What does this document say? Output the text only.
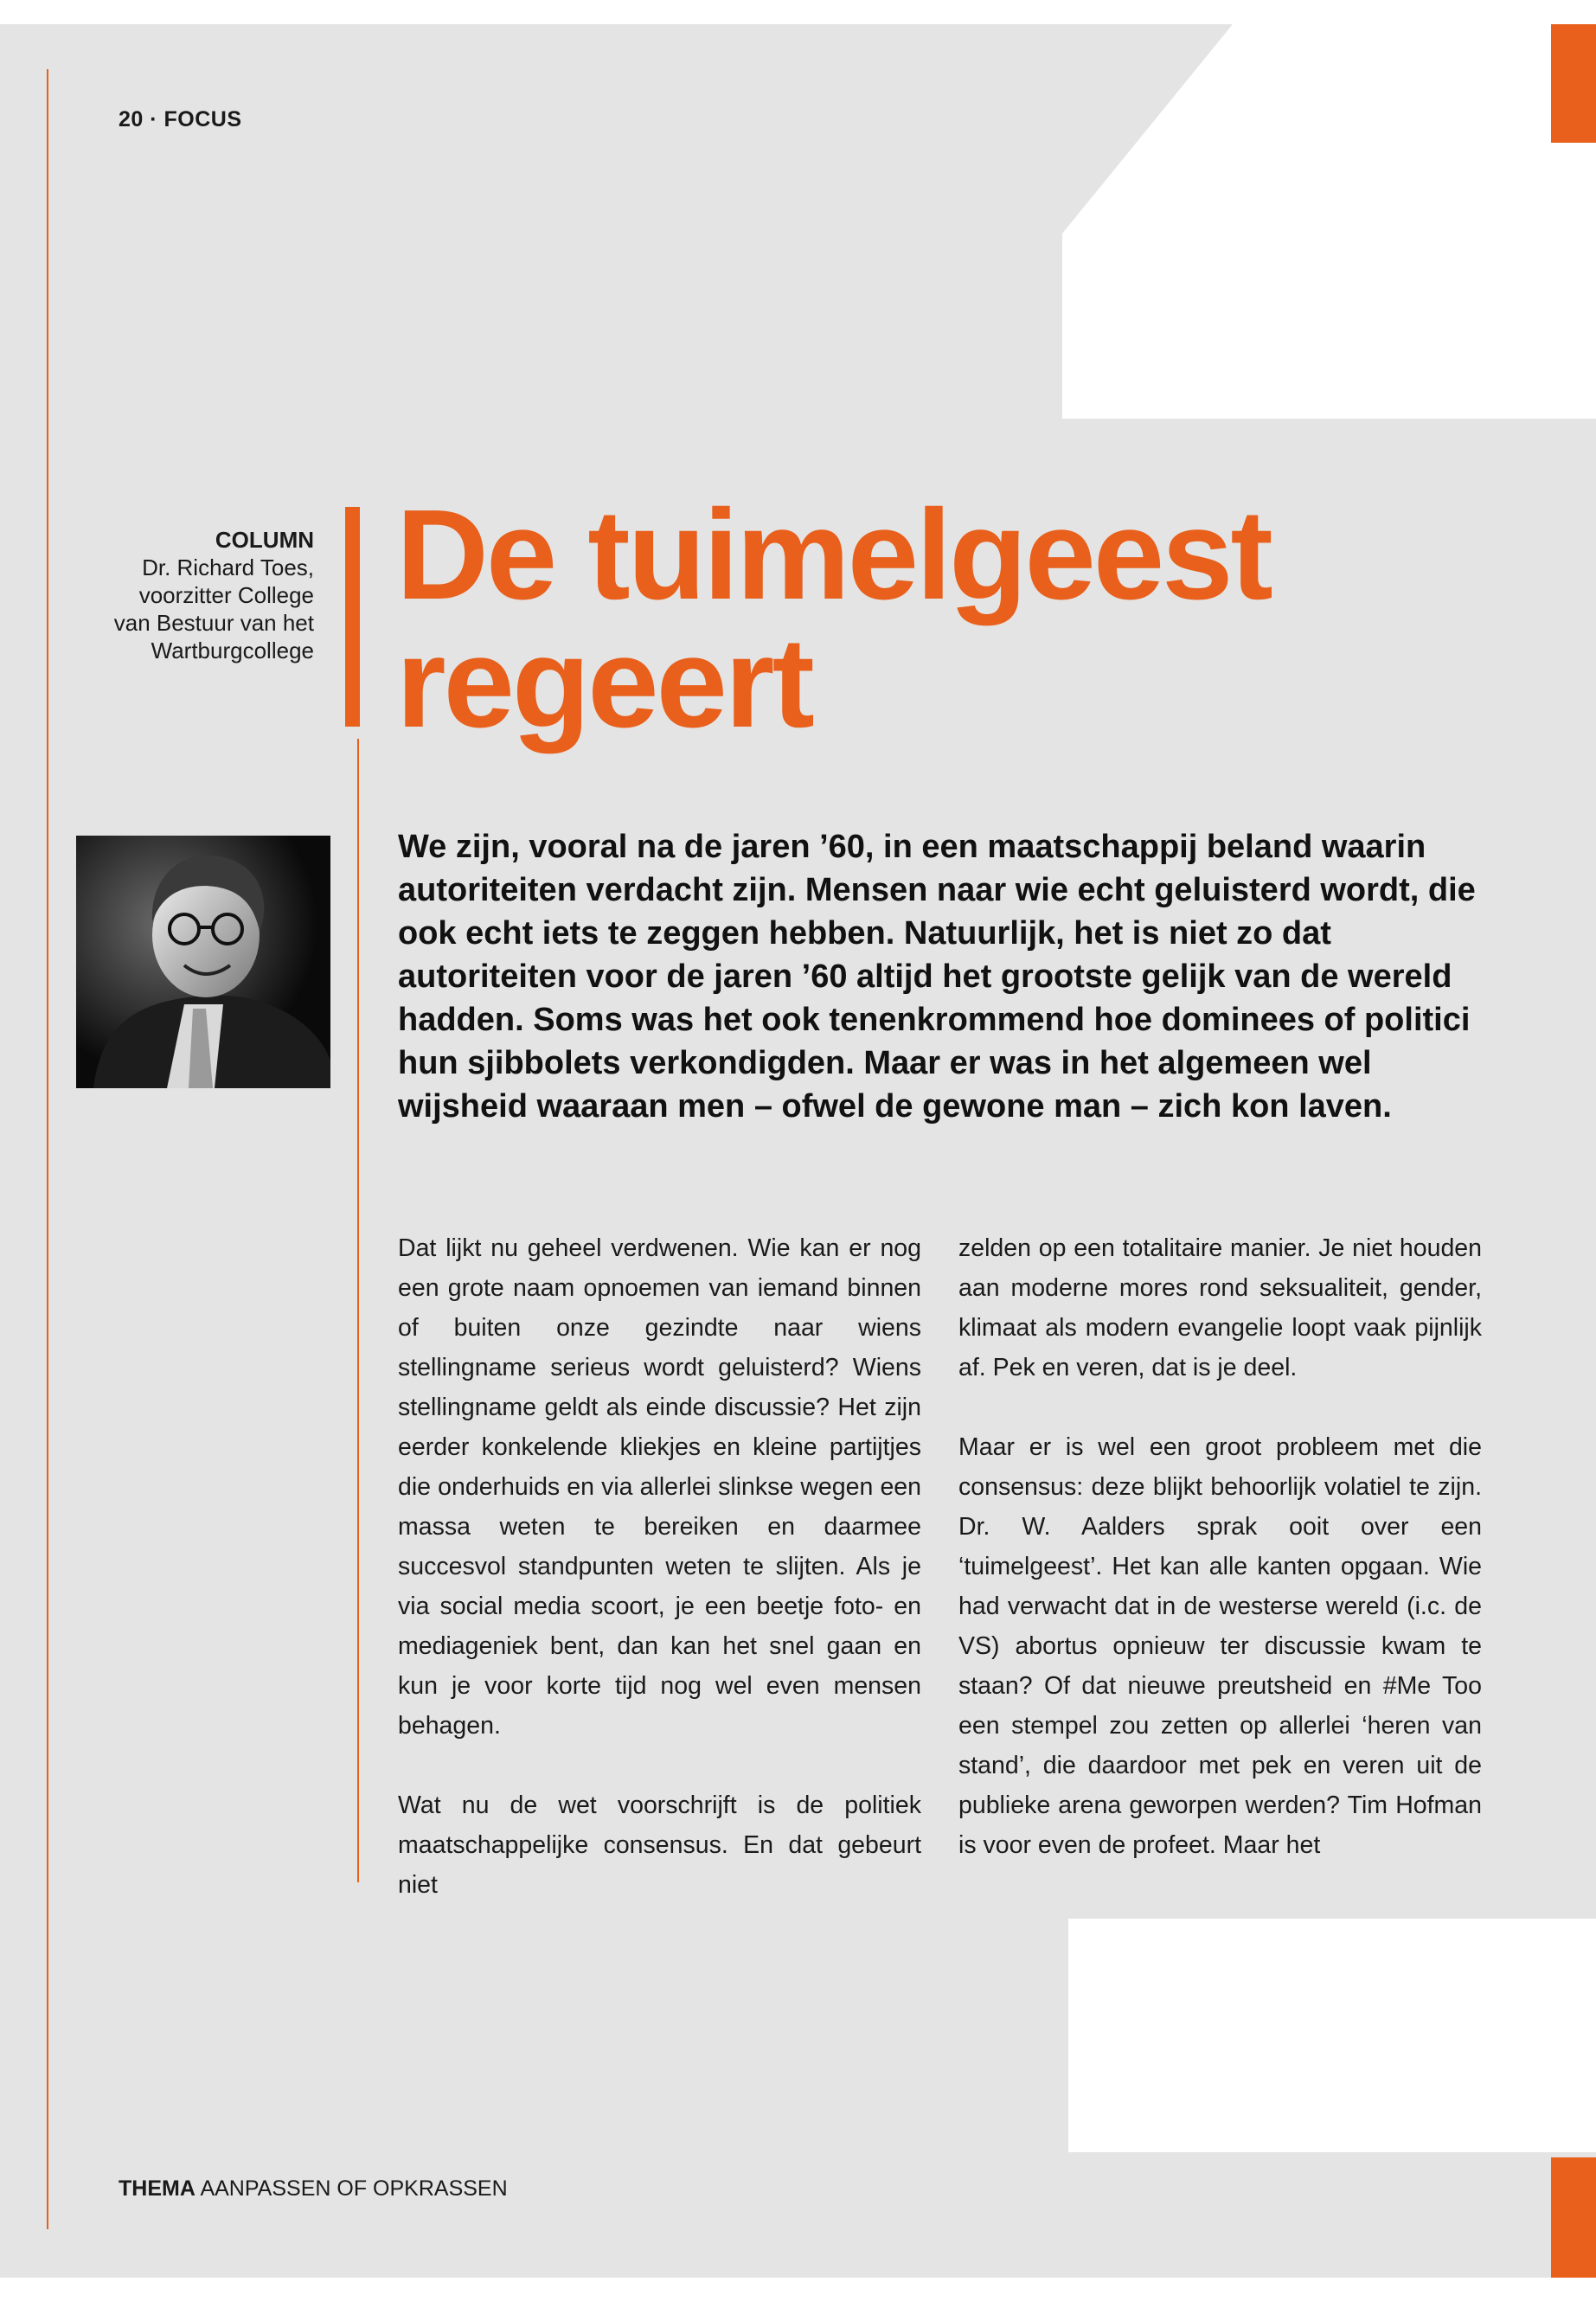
20 · FOCUS
COLUMN
Dr. Richard Toes,
voorzitter College
van Bestuur van het
Wartburgcollege
De tuimelgeest
regeert

We zijn, vooral na de jaren ’60, in een maatschappij beland waarin autoriteiten verdacht zijn. Mensen naar wie echt geluisterd wordt, die ook echt iets te zeggen hebben. Natuurlijk, het is niet zo dat autoriteiten voor de jaren ’60 altijd het grootste gelijk van de wereld hadden. Soms was het ook tenenkrommend hoe dominees of politici hun sjibbolets verkondigden. Maar er was in het algemeen wel wijsheid waaraan men – ofwel de gewone man – zich kon laven.

Dat lijkt nu geheel verdwenen. Wie kan er nog een grote naam opnoemen van iemand binnen of buiten onze gezindte naar wiens stellingname serieus wordt geluisterd? Wiens stellingname geldt als einde discussie? Het zijn eerder konkelende kliekjes en kleine partijtjes die onderhuids en via allerlei slinkse wegen een massa weten te bereiken en daarmee succesvol standpunten weten te slijten. Als je via social media scoort, je een beetje foto- en mediageniek bent, dan kan het snel gaan en kun je voor korte tijd nog wel even mensen behagen.

Wat nu de wet voorschrijft is de politiek maatschappelijke consensus. En dat gebeurt niet

zelden op een totalitaire manier. Je niet houden aan moderne mores rond seksualiteit, gender, klimaat als modern evangelie loopt vaak pijnlijk af. Pek en veren, dat is je deel.

Maar er is wel een groot probleem met die consensus: deze blijkt behoorlijk volatiel te zijn. Dr. W. Aalders sprak ooit over een ‘tuimelgeest’. Het kan alle kanten opgaan. Wie had verwacht dat in de westerse wereld (i.c. de VS) abortus opnieuw ter discussie kwam te staan? Of dat nieuwe preutsheid en #Me Too een stempel zou zetten op allerlei ‘heren van stand’, die daardoor met pek en veren uit de publieke arena geworpen werden? Tim Hofman is voor even de profeet. Maar het

THEMA AANPASSEN OF OPKRASSEN
